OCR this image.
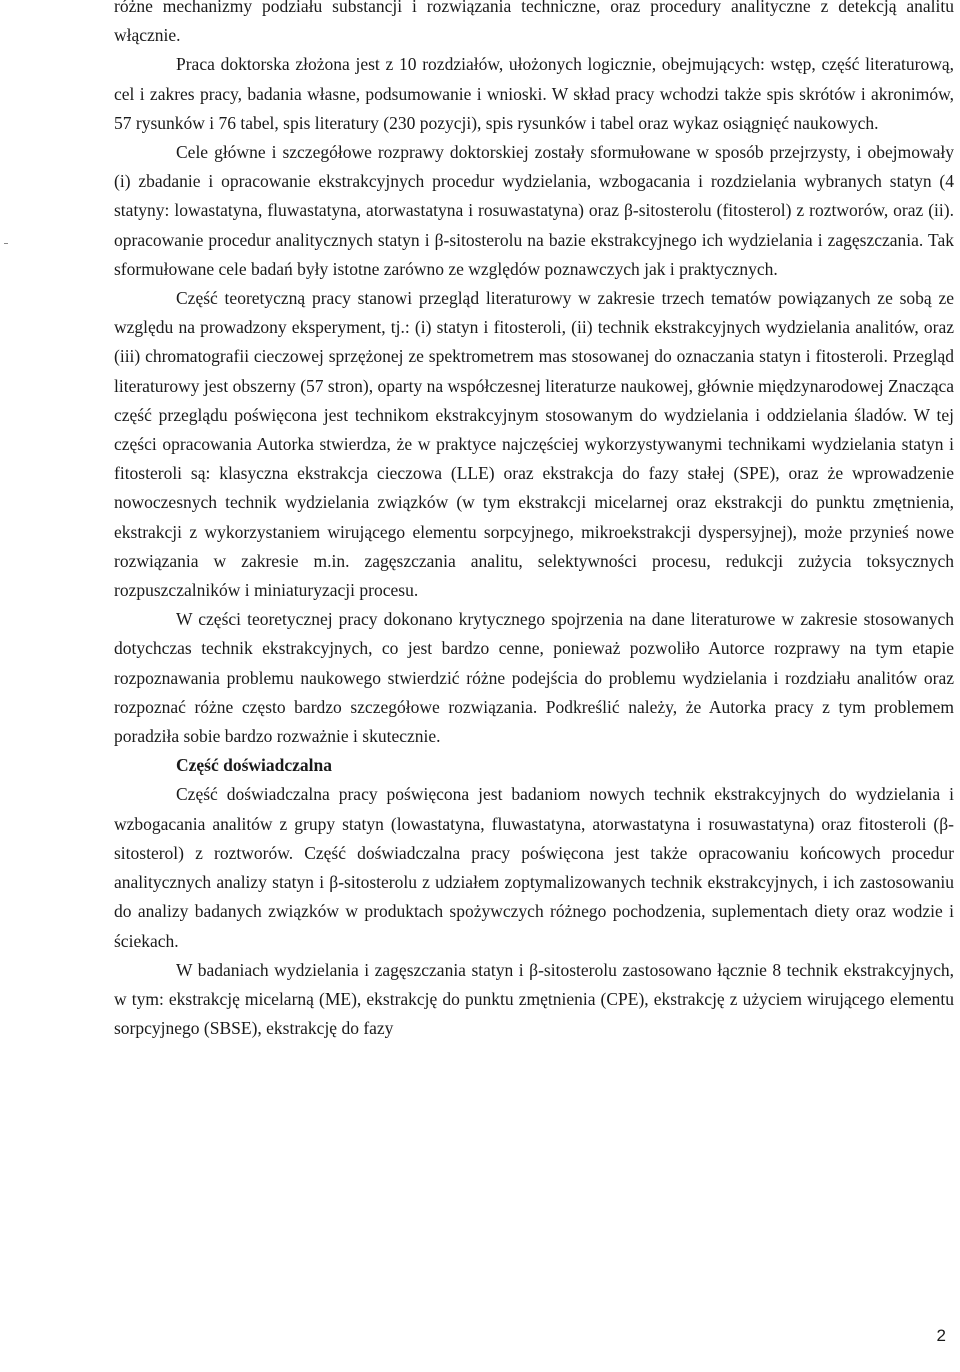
różne mechanizmy podziału substancji i rozwiązania techniczne, oraz procedury analityczne z detekcją analitu włącznie.

Praca doktorska złożona jest z 10 rozdziałów, ułożonych logicznie, obejmujących: wstęp, część literaturową, cel i zakres pracy, badania własne, podsumowanie i wnioski. W skład pracy wchodzi także spis skrótów i akronimów, 57 rysunków i 76 tabel, spis literatury (230 pozycji), spis rysunków i tabel oraz wykaz osiągnięć naukowych.

Cele główne i szczegółowe rozprawy doktorskiej zostały sformułowane w sposób przejrzysty, i obejmowały (i) zbadanie i opracowanie ekstrakcyjnych procedur wydzielania, wzbogacania i rozdzielania wybranych statyn (4 statyny: lowastatyna, fluwastatyna, atorwastatyna i rosuwastatyna) oraz β-sitosterolu (fitosterol) z roztworów, oraz (ii). opracowanie procedur analitycznych statyn i β-sitosterolu na bazie ekstrakcyjnego ich wydzielania i zagęszczania. Tak sformułowane cele badań były istotne zarówno ze względów poznawczych jak i praktycznych.

Część teoretyczną pracy stanowi przegląd literaturowy w zakresie trzech tematów powiązanych ze sobą ze względu na prowadzony eksperyment, tj.: (i) statyn i fitosteroli, (ii) technik ekstrakcyjnych wydzielania analitów, oraz (iii) chromatografii cieczowej sprzężonej ze spektrometrem mas stosowanej do oznaczania statyn i fitosteroli. Przegląd literaturowy jest obszerny (57 stron), oparty na współczesnej literaturze naukowej, głównie międzynarodowej Znacząca część przeglądu poświęcona jest technikom ekstrakcyjnym stosowanym do wydzielania i oddzielania śladów. W tej części opracowania Autorka stwierdza, że w praktyce najczęściej wykorzystywanymi technikami wydzielania statyn i fitosteroli są: klasyczna ekstrakcja cieczowa (LLE) oraz ekstrakcja do fazy stałej (SPE), oraz że wprowadzenie nowoczesnych technik wydzielania związków (w tym ekstrakcji micelarnej oraz ekstrakcji do punktu zmętnienia, ekstrakcji z wykorzystaniem wirującego elementu sorpcyjnego, mikroekstrakcji dyspersyjnej), może przynieś nowe rozwiązania w zakresie m.in. zagęszczania analitu, selektywności procesu, redukcji zużycia toksycznych rozpuszczalników i miniaturyzacji procesu.

W części teoretycznej pracy dokonano krytycznego spojrzenia na dane literaturowe w zakresie stosowanych dotychczas technik ekstrakcyjnych, co jest bardzo cenne, ponieważ pozwoliło Autorce rozprawy na tym etapie rozpoznawania problemu naukowego stwierdzić różne podejścia do problemu wydzielania i rozdziału analitów oraz rozpoznać różne często bardzo szczegółowe rozwiązania. Podkreślić należy, że Autorka pracy z tym problemem poradziła sobie bardzo rozważnie i skutecznie.

Część doświadczalna

Część doświadczalna pracy poświęcona jest badaniom nowych technik ekstrakcyjnych do wydzielania i wzbogacania analitów z grupy statyn (lowastatyna, fluwastatyna, atorwastatyna i rosuwastatyna) oraz fitosteroli (β-sitosterol) z roztworów. Część doświadczalna pracy poświęcona jest także opracowaniu końcowych procedur analitycznych analizy statyn i β-sitosterolu z udziałem zoptymalizowanych technik ekstrakcyjnych, i ich zastosowaniu do analizy badanych związków w produktach spożywczych różnego pochodzenia, suplementach diety oraz wodzie i ściekach.

W badaniach wydzielania i zagęszczania statyn i β-sitosterolu zastosowano łącznie 8 technik ekstrakcyjnych, w tym: ekstrakcję micelarną (ME), ekstrakcję do punktu zmętnienia (CPE), ekstrakcję z użyciem wirującego elementu sorpcyjnego (SBSE), ekstrakcję do fazy

2
